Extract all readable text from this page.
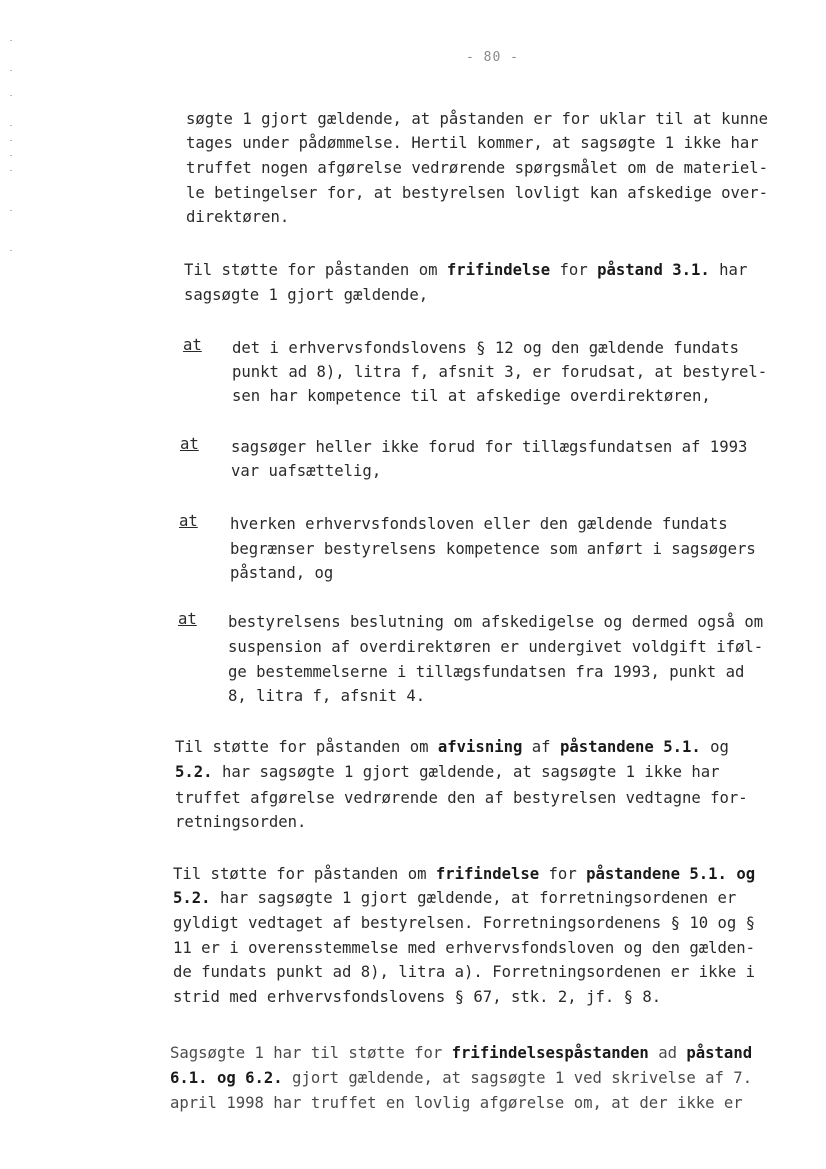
- 80 -
søgte 1 gjort gældende, at påstanden er for uklar til at kunne
tages under pådømmelse. Hertil kommer, at sagsøgte 1 ikke har
truffet nogen afgørelse vedrørende spørgsmålet om de materiel-
le betingelser for, at bestyrelsen lovligt kan afskedige over-
direktøren.
Til støtte for påstanden om frifindelse for påstand 3.1. har
sagsøgte 1 gjort gældende,
at det i erhvervsfondslovens § 12 og den gældende fundats
punkt ad 8), litra f, afsnit 3, er forudsat, at bestyrel-
sen har kompetence til at afskedige overdirektøren,
at sagsøger heller ikke forud for tillægsfundatsen af 1993
var uafsættelig,
at hverken erhvervsfondsloven eller den gældende fundats
begrænser bestyrelsens kompetence som anført i sagsøgers
påstand, og
at bestyrelsens beslutning om afskedigelse og dermed også om
suspension af overdirektøren er undergivet voldgift iføl-
ge bestemmelserne i tillægsfundatsen fra 1993, punkt ad
8, litra f, afsnit 4.
Til støtte for påstanden om afvisning af påstandene 5.1. og
5.2. har sagsøgte 1 gjort gældende, at sagsøgte 1 ikke har
truffet afgørelse vedrørende den af bestyrelsen vedtagne for-
retningsorden.
Til støtte for påstanden om frifindelse for påstandene 5.1. og
5.2. har sagsøgte 1 gjort gældende, at forretningsordenen er
gyldigt vedtaget af bestyrelsen. Forretningsordenens § 10 og §
11 er i overensstemmelse med erhvervsfondsloven og den gælden-
de fundats punkt ad 8), litra a). Forretningsordenen er ikke i
strid med erhvervsfondslovens § 67, stk. 2, jf. § 8.
Sagsøgte 1 har til støtte for frifindelsespåstanden ad påstand
6.1. og 6.2. gjort gældende, at sagsøgte 1 ved skrivelse af 7.
april 1998 har truffet en lovlig afgørelse om, at der ikke er
